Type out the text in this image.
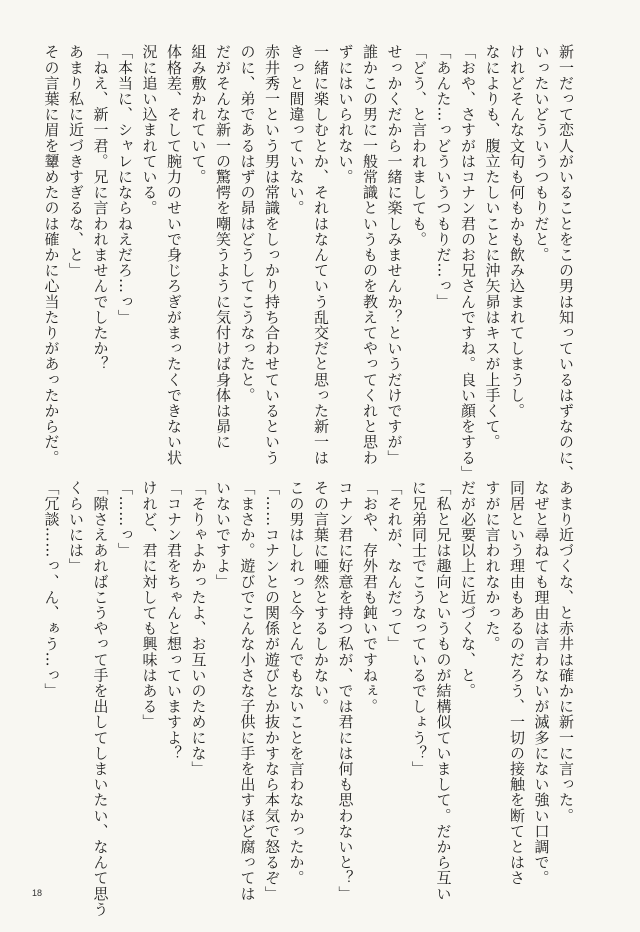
新一だって恋人がいることをこの男は知っているはずなのに、
いったいどういうつもりだと。
けれどそんな文句も何もかも飲み込まれてしまうし。
なによりも、腹立たしいことに沖矢昴はキスが上手くて。
「おや、さすがはコナン君のお兄さんですね。良い顔をする」
「あんた…っどういうつもりだ…っ」
「どう、と言われましても。
せっかくだから一緒に楽しみませんか？というだけですが」
誰かこの男に一般常識というものを教えてやってくれと思わ
ずにはいられない。
一緒に楽しむとか、それはなんていう乱交だと思った新一は
きっと間違っていない。
赤井秀一という男は常識をしっかり持ち合わせているという
のに、弟であるはずの昴はどうしてこうなったと。
だがそんな新一の驚愕を嘲笑うように気付けば身体は昴に
組み敷かれていて。
体格差、そして腕力のせいで身じろぎがまったくできない状
況に追い込まれている。
「本当に、シャレにならねえだろ…っ」
「ねえ、新一君。兄に言われませんでしたか？
あまり私に近づきすぎるな、と」
その言葉に眉を顰めたのは確かに心当たりがあったからだ。
あまり近づくな、と赤井は確かに新一に言った。
なぜと尋ねても理由は言わないが滅多にない強い口調で。
同居という理由もあるのだろう、一切の接触を断てとはさ
すがに言われなかった。
だが必要以上に近づくな、と。
「私と兄は趣向というものが結構似ていまして。だから互い
に兄弟同士でこうなっているでしょう？」
「それが、なんだって」
「おや、存外君も鈍いですねぇ。
コナン君に好意を持つ私が、では君には何も思わないと？」
その言葉に唖然とするしかない。
この男はしれっと今とんでもないことを言わなかったか。
「……コナンとの関係が遊びとか抜かすなら本気で怒るぞ」
「まさか。遊びでこんな小さな子供に手を出すほど腐っては
いないですよ」
「そりゃよかったよ、お互いのためにな」
「コナン君をちゃんと想っていますよ？
けれど、君に対しても興味はある」
「……っ」
「隙さえあればこうやって手を出してしまいたい、なんて思う
くらいには」
「冗談……っ、ん、ぁう…っ」
18
